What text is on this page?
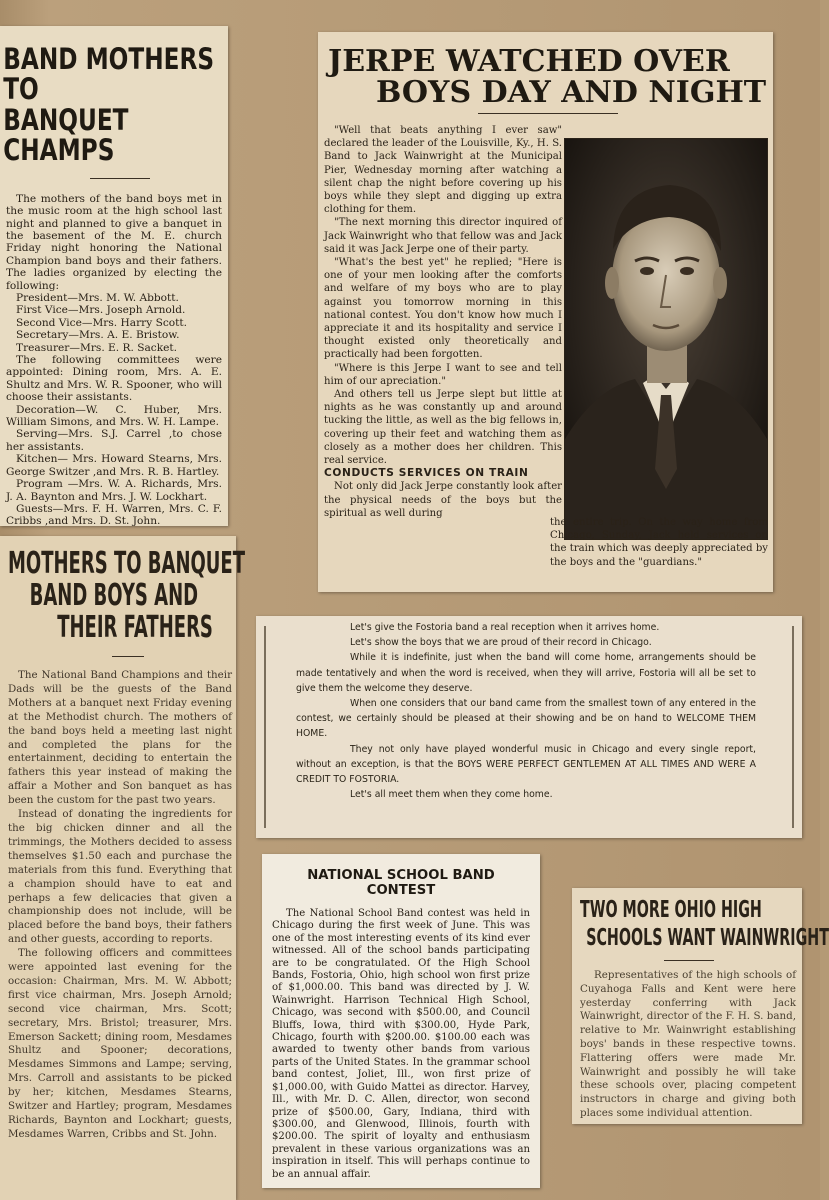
BAND MOTHERS TO
BANQUET CHAMPS

The mothers of the band boys met in the music room at the high school last night and planned to give a banquet in the basement of the M. E. church Friday night honoring the National Champion band boys and their fathers. The ladies organized by electing the following:

President—Mrs. M. W. Abbott.

First Vice—Mrs. Joseph Arnold.

Second Vice—Mrs. Harry Scott.

Secretary—Mrs. A. E. Bristow.

Treasurer—Mrs. E. R. Sacket.

The following committees were appointed: Dining room, Mrs. A. E. Shultz and Mrs. W. R. Spooner, who will choose their assistants.

Decoration—W. C. Huber, Mrs. William Simons, and Mrs. W. H. Lampe.

Serving—Mrs. S.J. Carrel ,to chose her assistants.

Kitchen— Mrs. Howard Stearns, Mrs. George Switzer ,and Mrs. R. B. Hartley.

Program —Mrs. W. A. Richards, Mrs. J. A. Baynton and Mrs. J. W. Lockhart.

Guests—Mrs. F. H. Warren, Mrs. C. F. Cribbs ,and Mrs. D. St. John.

MOTHERS TO BANQUET
BAND BOYS AND
THEIR FATHERS

The National Band Champions and their Dads will be the guests of the Band Mothers at a banquet next Friday evening at the Methodist church. The mothers of the band boys held a meeting last night and completed the plans for the entertainment, deciding to entertain the fathers this year instead of making the affair a Mother and Son banquet as has been the custom for the past two years.

Instead of donating the ingredients for the big chicken dinner and all the trimmings, the Mothers decided to assess themselves $1.50 each and purchase the materials from this fund. Everything that a champion should have to eat and perhaps a few delicacies that given a championship does not include, will be placed before the band boys, their fathers and other guests, according to reports.

The following officers and committees were appointed last evening for the occasion: Chairman, Mrs. M. W. Abbott; first vice chairman, Mrs. Joseph Arnold; second vice chairman, Mrs. Scott; secretary, Mrs. Bristol; treasurer, Mrs. Emerson Sackett; dining room, Mesdames Shultz and Spooner; decorations, Mesdames Simmons and Lampe; serving, Mrs. Carroll and assistants to be picked by her; kitchen, Mesdames Stearns, Switzer and Hartley; program, Mesdames Richards, Baynton and Lockhart; guests, Mesdames Warren, Cribbs and St. John.

JERPE WATCHED OVER
BOYS DAY AND NIGHT

"Well that beats anything I ever saw" declared the leader of the Louisville, Ky., H. S. Band to Jack Wainwright at the Municipal Pier, Wednesday morning after watching a silent chap the night before covering up his boys while they slept and digging up extra clothing for them.

"The next morning this director inquired of Jack Wainwright who that fellow was and Jack said it was Jack Jerpe one of their party.

"What's the best yet" he replied; "Here is one of your men looking after the comforts and welfare of my boys who are to play against you tomorrow morning in this national contest. You don't know how much I appreciate it and its hospitality and service I thought existed only theoretically and practically had been forgotten.

"Where is this Jerpe I want to see and tell him of our apreciation."

And others tell us Jerpe slept but little at nights as he was constantly up and around tucking the little, as well as the big fellows in, covering up their feet and watching them as closely as a mother does her children. This real service.

CONDUCTS SERVICES ON TRAIN

Not only did Jack Jerpe constantly look after the physical needs of the boys but the spiritual as well during

the entire trip. On the way home from Chicago, Sunday, Jack held services on the train which was deeply appreciated by the boys and the "guardians."

Let's give the Fostoria band a real reception when it arrives home.

Let's show the boys that we are proud of their record in Chicago.

While it is indefinite, just when the band will come home, arrangements should be made tentatively and when the word is received, when they will arrive, Fostoria will all be set to give them the welcome they deserve.

When one considers that our band came from the smallest town of any entered in the contest, we certainly should be pleased at their showing and be on hand to WELCOME THEM HOME.

They not only have played wonderful music in Chicago and every single report, without an exception, is that the BOYS WERE PERFECT GENTLEMEN AT ALL TIMES AND WERE A CREDIT TO FOSTORIA.

Let's all meet them when they come home.

NATIONAL SCHOOL BAND
CONTEST

The National School Band contest was held in Chicago during the first week of June. This was one of the most interesting events of its kind ever witnessed. All of the school bands participating are to be congratulated. Of the High School Bands, Fostoria, Ohio, high school won first prize of $1,000.00. This band was directed by J. W. Wainwright. Harrison Technical High School, Chicago, was second with $500.00, and Council Bluffs, Iowa, third with $300.00, Hyde Park, Chicago, fourth with $200.00. $100.00 each was awarded to twenty other bands from various parts of the United States. In the grammar school band contest, Joliet, Ill., won first prize of $1,000.00, with Guido Mattei as director. Harvey, Ill., with Mr. D. C. Allen, director, won second prize of $500.00, Gary, Indiana, third with $300.00, and Glenwood, Illinois, fourth with $200.00. The spirit of loyalty and enthusiasm prevalent in these various organizations was an inspiration in itself. This will perhaps continue to be an annual affair.

TWO MORE OHIO HIGH
SCHOOLS WANT WAINWRIGHT

Representatives of the high schools of Cuyahoga Falls and Kent were here yesterday conferring with Jack Wainwright, director of the F. H. S. band, relative to Mr. Wainwright establishing boys' bands in these respective towns. Flattering offers were made Mr. Wainwright and possibly he will take these schools over, placing competent instructors in charge and giving both places some individual attention.
